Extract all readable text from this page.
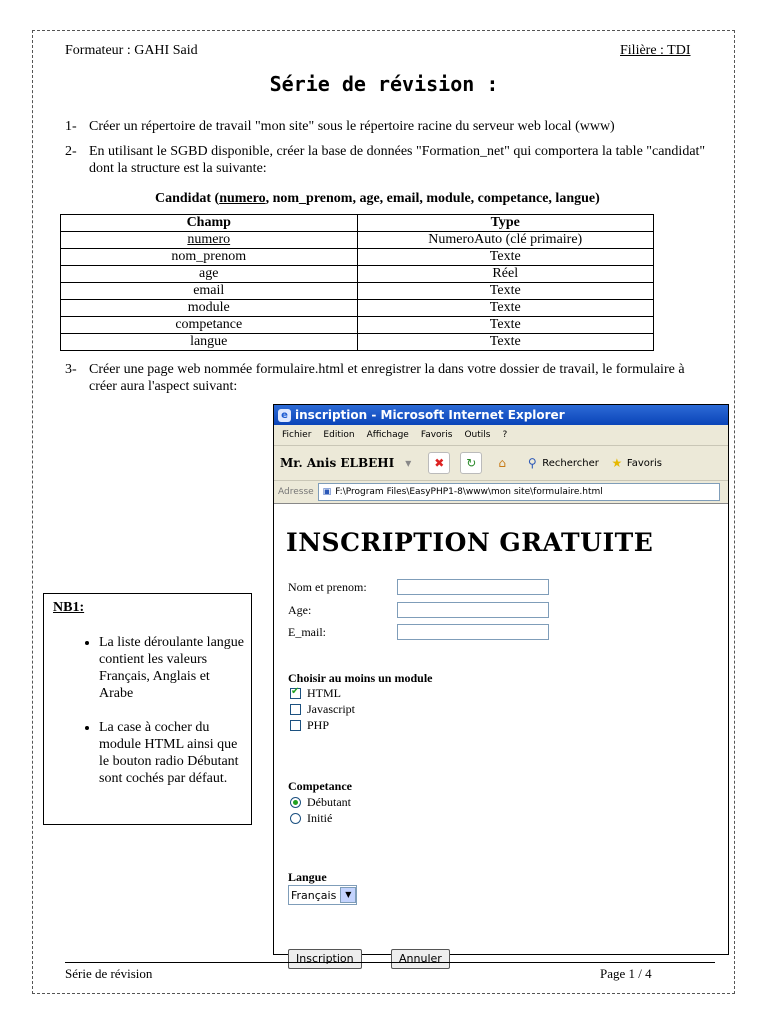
Formateur : GAHI Said	Filière : TDI
Série de révision :
1- Créer un répertoire de travail "mon site" sous le répertoire racine du serveur web local (www)
2- En utilisant le SGBD disponible, créer la base de données "Formation_net" qui comportera la table "candidat" dont la structure est la suivante:
Candidat (numero, nom_prenom, age, email, module, competance, langue)
Champ	Type
numero	NumeroAuto (clé primaire)
nom_prenom	Texte
age	Réel
email	Texte
module	Texte
competance	Texte
langue	Texte
3- Créer une page web nommée formulaire.html et enregistrer la dans votre dossier de travail, le formulaire à créer aura l'aspect suivant:
NB1:
• La liste déroulante langue contient les valeurs Français, Anglais et Arabe
• La case à cocher du module HTML ainsi que le bouton radio Débutant sont cochés par défaut.
e inscription - Microsoft Internet Explorer
Fichier Edition Affichage Favoris Outils ?
Mr. Anis ELBEHI ▾	✖	↻	⌂	⚲ Rechercher	★ Favoris
Adresse ▣ F:\Program Files\EasyPHP1-8\www\mon site\formulaire.html
INSCRIPTION GRATUITE
Nom et prenom:
Age:
E_mail:
Choisir au moins un module
✔
HTML
Javascript
PHP
Competance
Débutant
Initié
Langue
Français	▼
Inscription	Annuler
Série de révision	Page 1 / 4
